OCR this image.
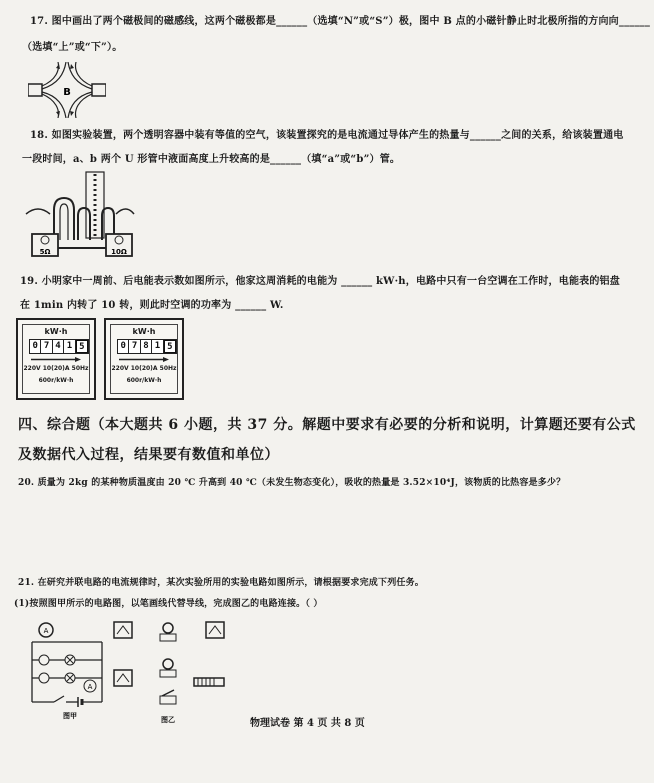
17. 图中画出了两个磁极间的磁感线，这两个磁极都是______（选填“N”或“S”）极，图中 B 点的小磁针静止时北极所指的方向向______
（选填“上”或“下”）。
B
18. 如图实验装置，两个透明容器中装有等值的空气，该装置探究的是电流通过导体产生的热量与______之间的关系，给该装置通电
一段时间，a、b 两个 U 形管中液面高度上升较高的是______（填“a”或“b”）管。
5Ω	10Ω
19. 小明家中一周前、后电能表示数如图所示，他家这周消耗的电能为 ______ kW·h，电路中只有一台空调在工作时，电能表的铝盘
在 1min 内转了 10 转，则此时空调的功率为 ______ W.
kW·h
0 7 4 1 5
220V 10(20)A 50Hz
600r/kW·h
kW·h
0 7 8 1 5
220V 10(20)A 50Hz
600r/kW·h
四、综合题（本大题共 6 小题，共 37 分。解题中要求有必要的分析和说明，计算题还要有公式
及数据代入过程，结果要有数值和单位）
20. 质量为 2kg 的某种物质温度由 20 ℃ 升高到 40 ℃（未发生物态变化），吸收的热量是 3.52×10⁴J，该物质的比热容是多少？
21. 在研究并联电路的电流规律时，某次实验所用的实验电路如图所示，请根据要求完成下列任务。
(1)按照图甲所示的电路图，以笔画线代替导线，完成图乙的电路连接。（ ）
A
A
图甲	图乙	物理试卷 第 4 页 共 8 页
